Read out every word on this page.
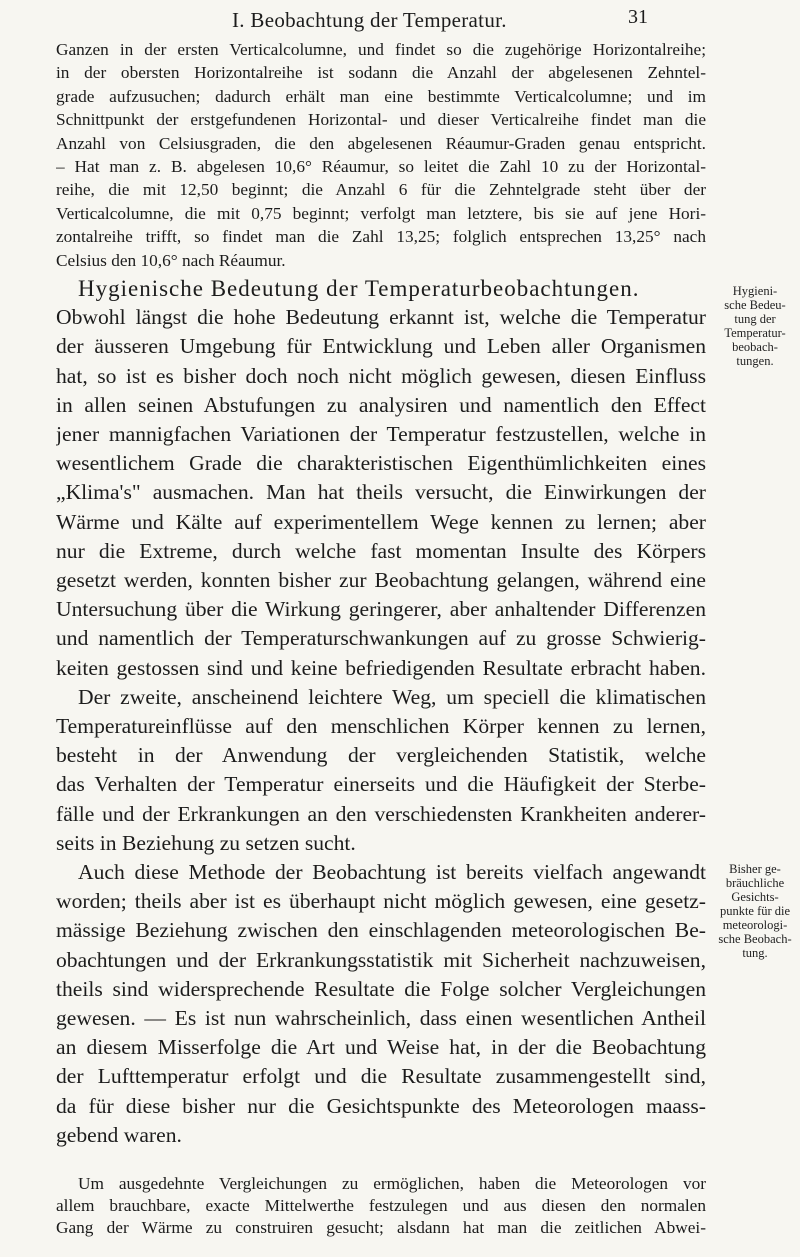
I. Beobachtung der Temperatur.	31
Ganzen in der ersten Verticalcolumne, und findet so die zugehörige Horizontalreihe;
in der obersten Horizontalreihe ist sodann die Anzahl der abgelesenen Zehntel-
grade aufzusuchen; dadurch erhält man eine bestimmte Verticalcolumne; und im
Schnittpunkt der erstgefundenen Horizontal- und dieser Verticalreihe findet man die
Anzahl von Celsiusgraden, die den abgelesenen Réaumur-Graden genau entspricht.
– Hat man z. B. abgelesen 10,6° Réaumur, so leitet die Zahl 10 zu der Horizontal-
reihe, die mit 12,50 beginnt; die Anzahl 6 für die Zehntelgrade steht über der
Verticalcolumne, die mit 0,75 beginnt; verfolgt man letztere, bis sie auf jene Hori-
zontalreihe trifft, so findet man die Zahl 13,25; folglich entsprechen 13,25° nach
Celsius den 10,6° nach Réaumur.
Hygienische Bedeutung der Temperaturbeobachtungen.
Obwohl längst die hohe Bedeutung erkannt ist, welche die Temperatur
der äusseren Umgebung für Entwicklung und Leben aller Organismen
hat, so ist es bisher doch noch nicht möglich gewesen, diesen Einfluss
in allen seinen Abstufungen zu analysiren und namentlich den Effect
jener mannigfachen Variationen der Temperatur festzustellen, welche in
wesentlichem Grade die charakteristischen Eigenthümlichkeiten eines
„Klima's" ausmachen. Man hat theils versucht, die Einwirkungen der
Wärme und Kälte auf experimentellem Wege kennen zu lernen; aber
nur die Extreme, durch welche fast momentan Insulte des Körpers
gesetzt werden, konnten bisher zur Beobachtung gelangen, während eine
Untersuchung über die Wirkung geringerer, aber anhaltender Differenzen
und namentlich der Temperaturschwankungen auf zu grosse Schwierig-
keiten gestossen sind und keine befriedigenden Resultate erbracht haben.
Der zweite, anscheinend leichtere Weg, um speciell die klimatischen
Temperatureinflüsse auf den menschlichen Körper kennen zu lernen,
besteht in der Anwendung der vergleichenden Statistik, welche
das Verhalten der Temperatur einerseits und die Häufigkeit der Sterbe-
fälle und der Erkrankungen an den verschiedensten Krankheiten anderer-
seits in Beziehung zu setzen sucht.
Auch diese Methode der Beobachtung ist bereits vielfach angewandt
worden; theils aber ist es überhaupt nicht möglich gewesen, eine gesetz-
mässige Beziehung zwischen den einschlagenden meteorologischen Be-
obachtungen und der Erkrankungsstatistik mit Sicherheit nachzuweisen,
theils sind widersprechende Resultate die Folge solcher Vergleichungen
gewesen. — Es ist nun wahrscheinlich, dass einen wesentlichen Antheil
an diesem Misserfolge die Art und Weise hat, in der die Beobachtung
der Lufttemperatur erfolgt und die Resultate zusammengestellt sind,
da für diese bisher nur die Gesichtspunkte des Meteorologen maass-
gebend waren.
Hygieni-
sche Bedeu-
tung der
Temperatur-
beobach-
tungen.
Bisher ge-
bräuchliche
Gesichts-
punkte für die
meteorologi-
sche Beobach-
tung.
Um ausgedehnte Vergleichungen zu ermöglichen, haben die Meteorologen vor
allem brauchbare, exacte Mittelwerthe festzulegen und aus diesen den normalen
Gang der Wärme zu construiren gesucht; alsdann hat man die zeitlichen Abwei-
